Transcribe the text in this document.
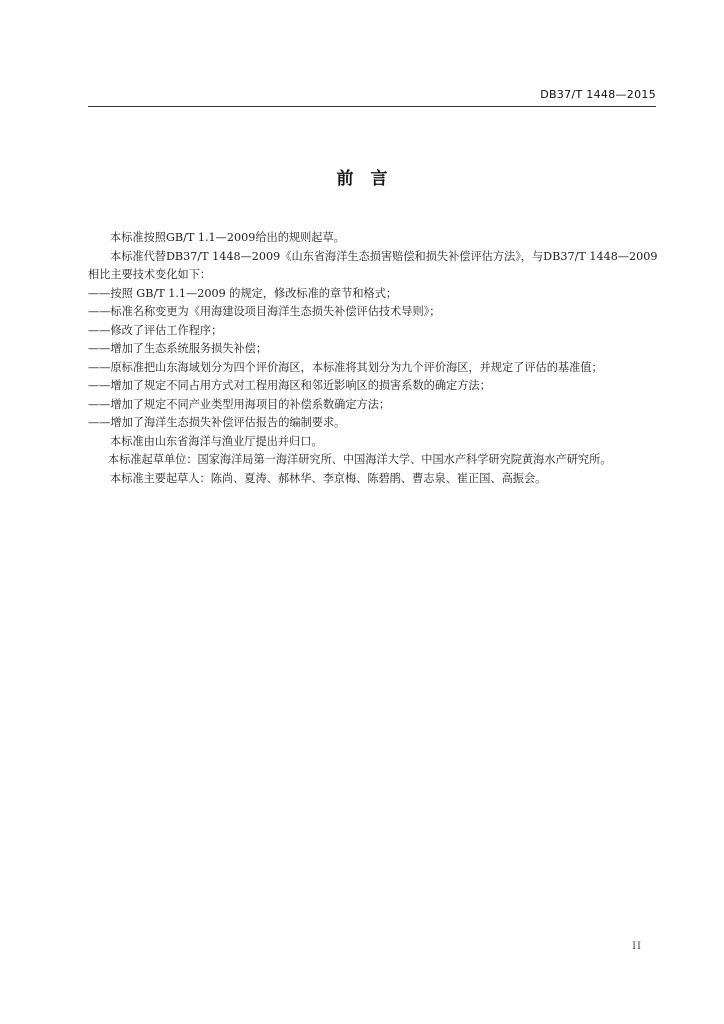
DB37/T 1448—2015
前　言

本标准按照GB/T 1.1—2009给出的规则起草。

本标准代替DB37/T 1448—2009《山东省海洋生态损害赔偿和损失补偿评估方法》，与DB37/T 1448—2009相比主要技术变化如下：

——按照 GB/T 1.1—2009 的规定，修改标准的章节和格式；

——标准名称变更为《用海建设项目海洋生态损失补偿评估技术导则》；

——修改了评估工作程序；

——增加了生态系统服务损失补偿；

——原标准把山东海域划分为四个评价海区，本标准将其划分为九个评价海区，并规定了评估的基准值；

——增加了规定不同占用方式对工程用海区和邻近影响区的损害系数的确定方法；

——增加了规定不同产业类型用海项目的补偿系数确定方法；

——增加了海洋生态损失补偿评估报告的编制要求。

本标准由山东省海洋与渔业厅提出并归口。

本标准起草单位：国家海洋局第一海洋研究所、中国海洋大学、中国水产科学研究院黄海水产研究所。

本标准主要起草人：陈尚、夏涛、郝林华、李京梅、陈碧鹃、曹志泉、崔正国、高振会。

II
